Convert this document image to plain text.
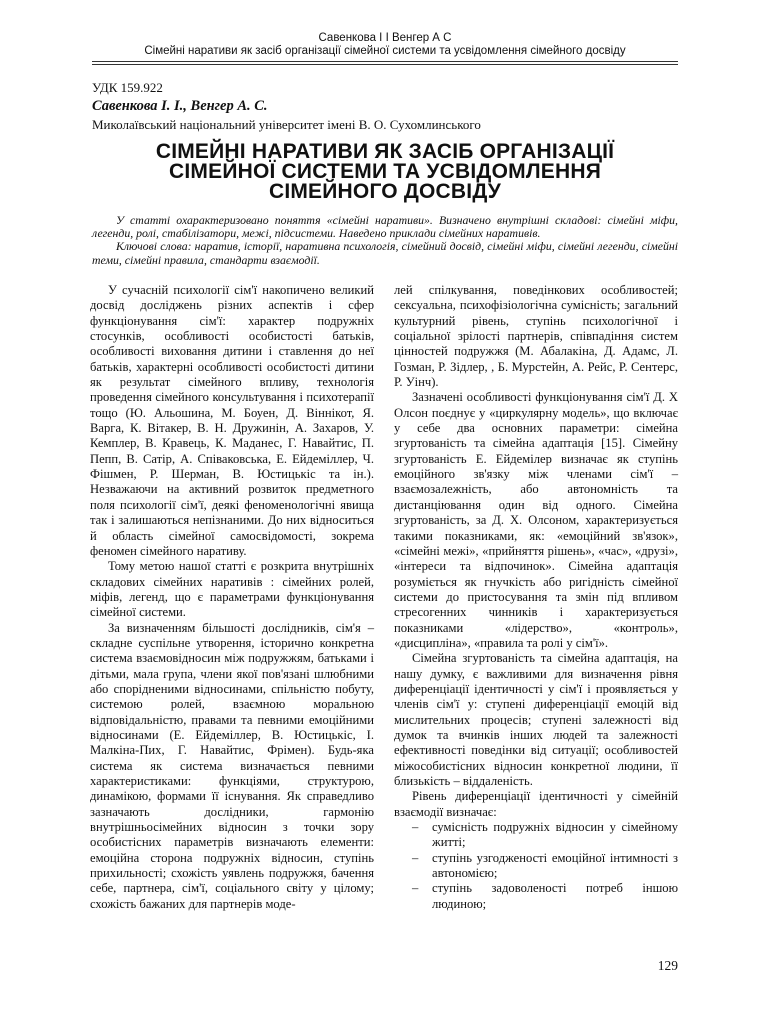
Савенкова І І Венгер А С
Сімейні наративи як засіб організації сімейної системи та усвідомлення сімейного досвіду
УДК 159.922
Савенкова І. І., Венгер А. С.
Миколаївський національний університет імені В. О. Сухомлинського
СІМЕЙНІ НАРАТИВИ ЯК ЗАСІБ ОРГАНІЗАЦІЇ
СІМЕЙНОЇ СИСТЕМИ ТА УСВІДОМЛЕННЯ
СІМЕЙНОГО ДОСВІДУ

У статті охарактеризовано поняття «сімейні наративи». Визначено внутрішні складові: сімейні міфи, легенди, ролі, стабілізатори, межі, підсистеми. Наведено приклади сімейних наративів.

Ключові слова: наратив, історії, наративна психологія, сімейний досвід, сімейні міфи, сімейні легенди, сімейні теми, сімейні правила, стандарти взаємодії.

У сучасній психології сім'ї накопичено великий досвід досліджень різних аспектів і сфер функціонування сім'ї: характер подружніх стосунків, особливості особистості батьків, особливості виховання дитини і ставлення до неї батьків, характерні особливості особистості дитини як результат сімейного впливу, технологія проведення сімейного консультування і психотерапії тощо (Ю. Альошина, М. Боуен, Д. Віннікот, Я. Варга, К. Вітакер, В. Н. Дружинін, А. Захаров, У. Кемплер, В. Кравець, К. Маданес, Г. Навайтис, П. Пепп, В. Сатір, А. Співаковська, Е. Ейдеміллер, Ч. Фішмен, Р. Шерман, В. Юстицькіс та ін.). Незважаючи на активний розвиток предметного поля психології сім'ї, деякі феноменологічні явища так і залишаються непізнаними. До них відноситься й область сімейної самосвідомості, зокрема феномен сімейного наративу.

Тому метою нашої статті є розкрита внутрішніх складових сімейних наративів : сімейних ролей, міфів, легенд, що є параметрами функціонування сімейної системи.

За визначенням більшості дослідників, сім'я – складне суспільне утворення, історично конкретна система взаємовідносин між подружжям, батьками і дітьми, мала група, члени якої пов'язані шлюбними або спорідненими відносинами, спільністю побуту, системою ролей, взаємною моральною відповідальністю, правами та певними емоційними відносинами (Е. Ейдеміллер, В. Юстицькіс, І. Малкіна-Пих, Г. Навайтис, Фрімен). Будь-яка система як система визначається певними характеристиками: функціями, структурою, динамікою, формами її існування. Як справедливо зазначають дослідники, гармонію внутрішньосімейних відносин з точки зору особистісних параметрів визначають елементи: емоційна сторона подружніх відносин, ступінь прихильності; схожість уявлень подружжя, бачення себе, партнера, сім'ї, соціального світу у цілому; схожість бажаних для партнерів моде-

лей спілкування, поведінкових особливостей; сексуальна, психофізіологічна сумісність; загальний культурний рівень, ступінь психологічної і соціальної зрілості партнерів, співпадіння систем цінностей подружжя (М. Абалакіна, Д. Адамс, Л. Гозман, Р. Зідлер, , Б. Мурстейн, А. Рейс, Р. Сентерс, Р. Уінч).

Зазначені особливості функціонування сім'ї Д. Х Олсон поєднує у «циркулярну модель», що включає у себе два основних параметри: сімейна згуртованість та сімейна адаптація [15]. Сімейну згуртованість Е. Ейдемілер визначає як ступінь емоційного зв'язку між членами сім'ї – взаємозалежність, або автономність та дистанціювання один від одного. Сімейна згуртованість, за Д. Х. Олсоном, характеризується такими показниками, як: «емоційний зв'язок», «сімейні межі», «прийняття рішень», «час», «друзі», «інтереси та відпочинок». Сімейна адаптація розуміється як гнучкість або ригідність сімейної системи до пристосування та змін під впливом стресогенних чинників і характеризується показниками «лідерство», «контроль», «дисципліна», «правила та ролі у сім'ї».

Сімейна згуртованість та сімейна адаптація, на нашу думку, є важливими для визначення рівня диференціації ідентичності у сім'ї і проявляється у членів сім'ї у: ступені диференціації емоцій від мислительних процесів; ступені залежності від думок та вчинків інших людей та залежності ефективності поведінки від ситуації; особливостей міжособистісних відносин конкретної людини, її близькість – віддаленість.

Рівень диференціації ідентичності у сімейній взаємодії визначає:

– сумісність подружніх відносин у сімейному житті;
– ступінь узгодженості емоційної інтимності з автономією;
– ступінь задоволеності потреб іншою людиною;
129
